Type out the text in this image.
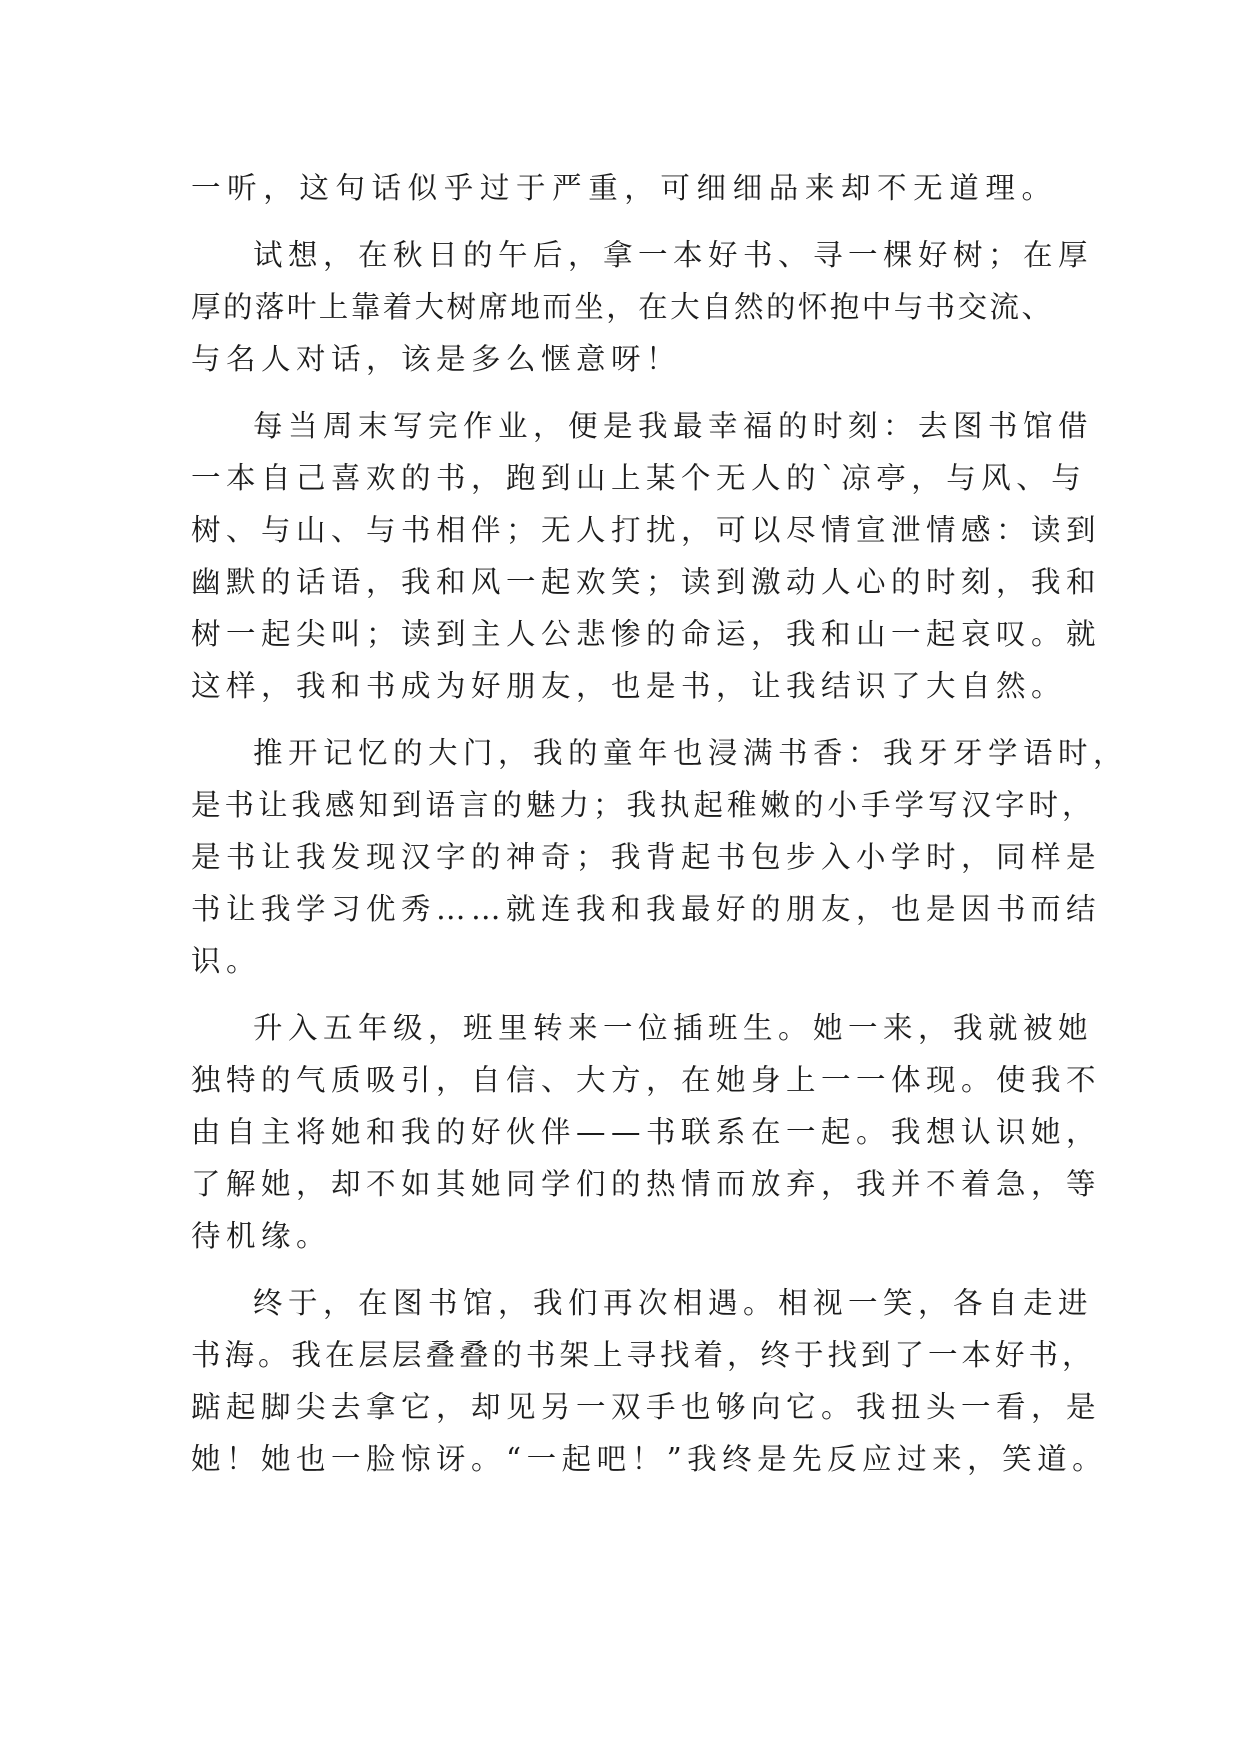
一听，这句话似乎过于严重，可细细品来却不无道理。
试想，在秋日的午后，拿一本好书、寻一棵好树；在厚
厚的落叶上靠着大树席地而坐，在大自然的怀抱中与书交流、
与名人对话，该是多么惬意呀！
每当周末写完作业，便是我最幸福的时刻：去图书馆借
一本自己喜欢的书，跑到山上某个无人的`凉亭，与风、与
树、与山、与书相伴；无人打扰，可以尽情宣泄情感：读到
幽默的话语，我和风一起欢笑；读到激动人心的时刻，我和
树一起尖叫；读到主人公悲惨的命运，我和山一起哀叹。就
这样，我和书成为好朋友，也是书，让我结识了大自然。
推开记忆的大门，我的童年也浸满书香：我牙牙学语时，
是书让我感知到语言的魅力；我执起稚嫩的小手学写汉字时，
是书让我发现汉字的神奇；我背起书包步入小学时，同样是
书让我学习优秀……就连我和我最好的朋友，也是因书而结
识。
升入五年级，班里转来一位插班生。她一来，我就被她
独特的气质吸引，自信、大方，在她身上一一体现。使我不
由自主将她和我的好伙伴——书联系在一起。我想认识她，
了解她，却不如其她同学们的热情而放弃，我并不着急，等
待机缘。
终于，在图书馆，我们再次相遇。相视一笑，各自走进
书海。我在层层叠叠的书架上寻找着，终于找到了一本好书，
踮起脚尖去拿它，却见另一双手也够向它。我扭头一看，是
她！她也一脸惊讶。“一起吧！”我终是先反应过来，笑道。
